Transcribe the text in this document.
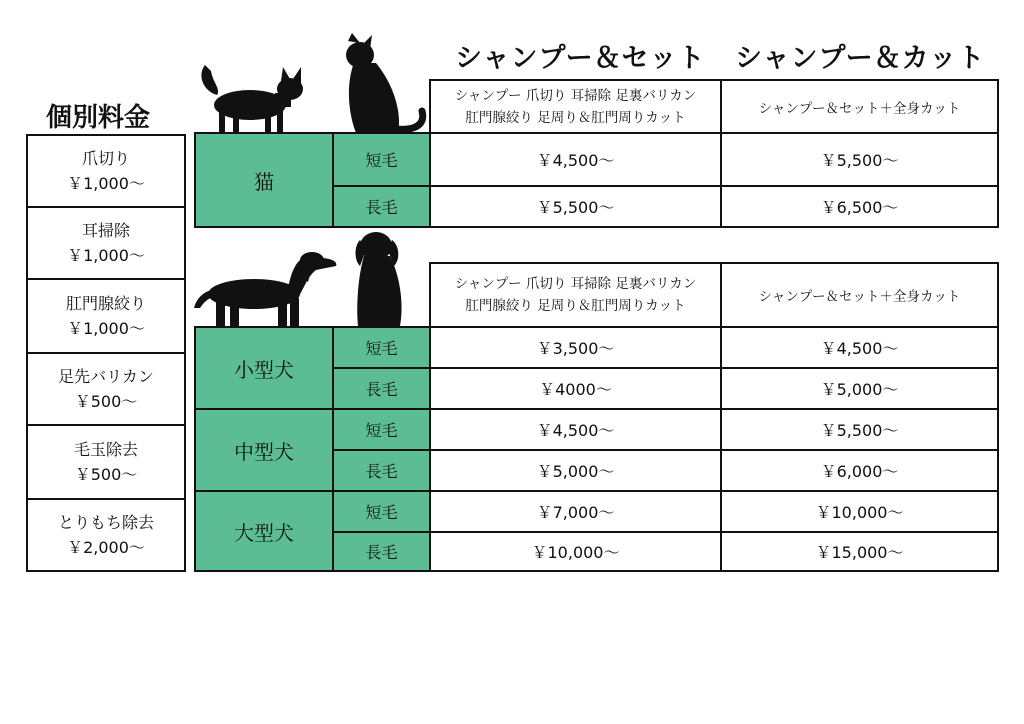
シャンプー＆セット シャンプー＆カット
個別料金
爪切り
￥1,000～
耳掃除
￥1,000～
肛門腺絞り
￥1,000～
足先バリカン
￥500～
毛玉除去
￥500～
とりもち除去
￥2,000～
シャンプー 爪切り 耳掃除 足裏バリカン
肛門腺絞り 足周り＆肛門周りカット
シャンプー＆セット＋全身カット
猫
短毛	￥4,500～	￥5,500～
長毛	￥5,500～	￥6,500～
シャンプー 爪切り 耳掃除 足裏バリカン
肛門腺絞り 足周り＆肛門周りカット
シャンプー＆セット＋全身カット
小型犬
短毛	￥3,500～	￥4,500～
長毛	￥4000～	￥5,000～
中型犬
短毛	￥4,500～	￥5,500～
長毛	￥5,000～	￥6,000～
大型犬
短毛	￥7,000～	￥10,000～
長毛	￥10,000～	￥15,000～
